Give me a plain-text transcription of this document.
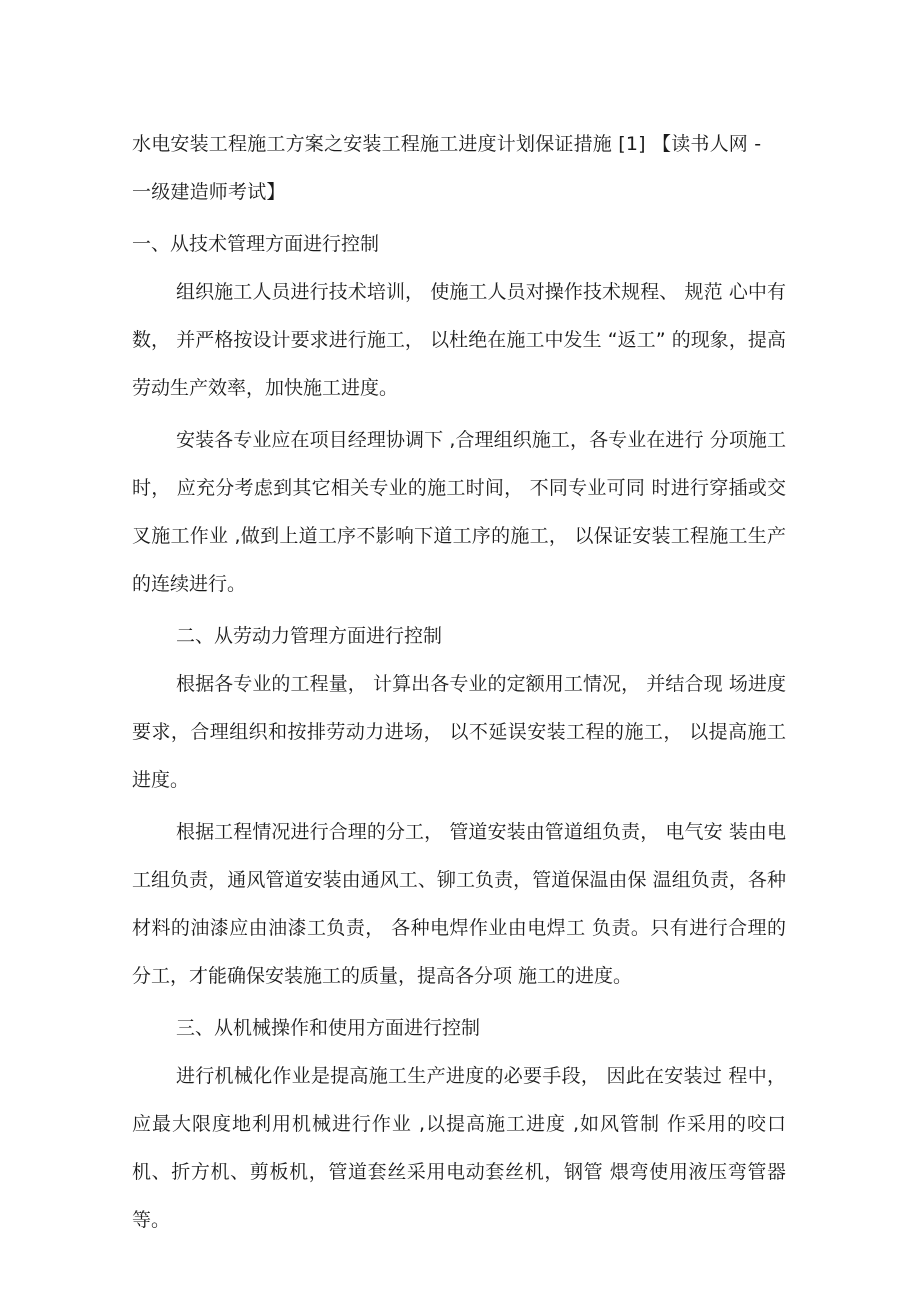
水电安装工程施工方案之安装工程施工进度计划保证措施 [1] 【读书人网 - 一级建造师考试】

一、从技术管理方面进行控制

组织施工人员进行技术培训， 使施工人员对操作技术规程、 规范 心中有数， 并严格按设计要求进行施工， 以杜绝在施工中发生 “返工” 的现象，提高劳动生产效率，加快施工进度。

安装各专业应在项目经理协调下 ,合理组织施工，各专业在进行 分项施工时， 应充分考虑到其它相关专业的施工时间， 不同专业可同 时进行穿插或交叉施工作业 ,做到上道工序不影响下道工序的施工， 以保证安装工程施工生产的连续进行。

二、从劳动力管理方面进行控制

根据各专业的工程量， 计算出各专业的定额用工情况， 并结合现 场进度要求，合理组织和按排劳动力进场， 以不延误安装工程的施工， 以提高施工进度。

根据工程情况进行合理的分工， 管道安装由管道组负责， 电气安 装由电工组负责，通风管道安装由通风工、铆工负责，管道保温由保 温组负责，各种材料的油漆应由油漆工负责， 各种电焊作业由电焊工 负责。只有进行合理的分工，才能确保安装施工的质量，提高各分项 施工的进度。

三、从机械操作和使用方面进行控制

进行机械化作业是提高施工生产进度的必要手段， 因此在安装过 程中，应最大限度地利用机械进行作业 ,以提高施工进度 ,如风管制 作采用的咬口机、折方机、剪板机，管道套丝采用电动套丝机，钢管 煨弯使用液压弯管器等。
